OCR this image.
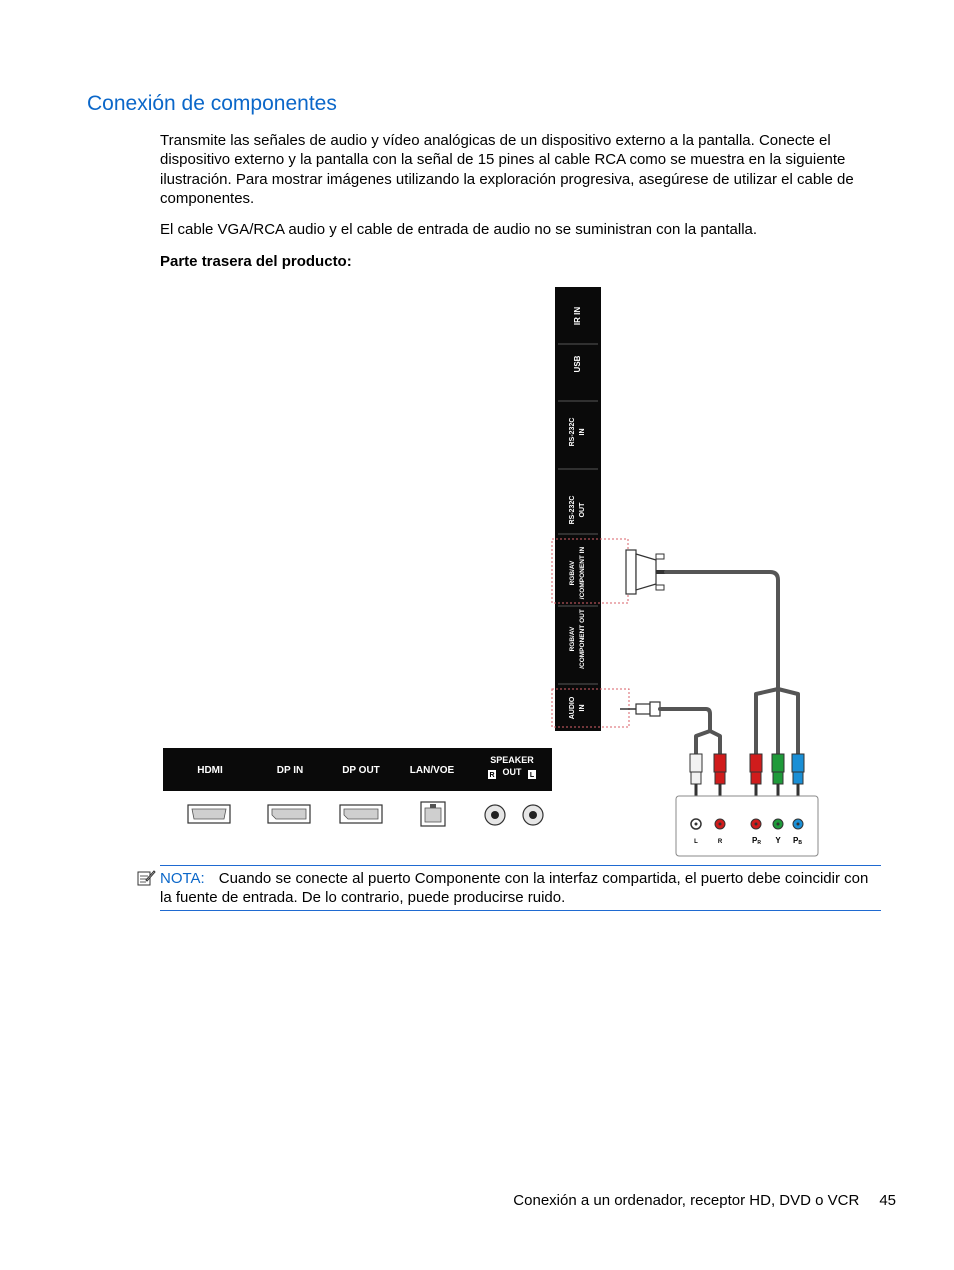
Conexión de componentes

Transmite las señales de audio y vídeo analógicas de un dispositivo externo a la pantalla. Conecte el dispositivo externo y la pantalla con la señal de 15 pines al cable RCA como se muestra en la siguiente ilustración. Para mostrar imágenes utilizando la exploración progresiva, asegúrese de utilizar el cable de componentes.

El cable VGA/RCA audio y el cable de entrada de audio no se suministran con la pantalla.

Parte trasera del producto:

IR IN
USB
RS-232C IN
RS-232C OUT
RGB/AV /COMPONENT IN
RGB/AV /COMPONENT OUT
AUDIO IN
L	R	PR Y PB
HDMI	DP IN	DP OUT	LAN/VOE
SPEAKER
OUT
R	L
NOTA: Cuando se conecte al puerto Componente con la interfaz compartida, el puerto debe coincidir con la fuente de entrada. De lo contrario, puede producirse ruido.
Conexión a un ordenador, receptor HD, DVD o VCR 45
